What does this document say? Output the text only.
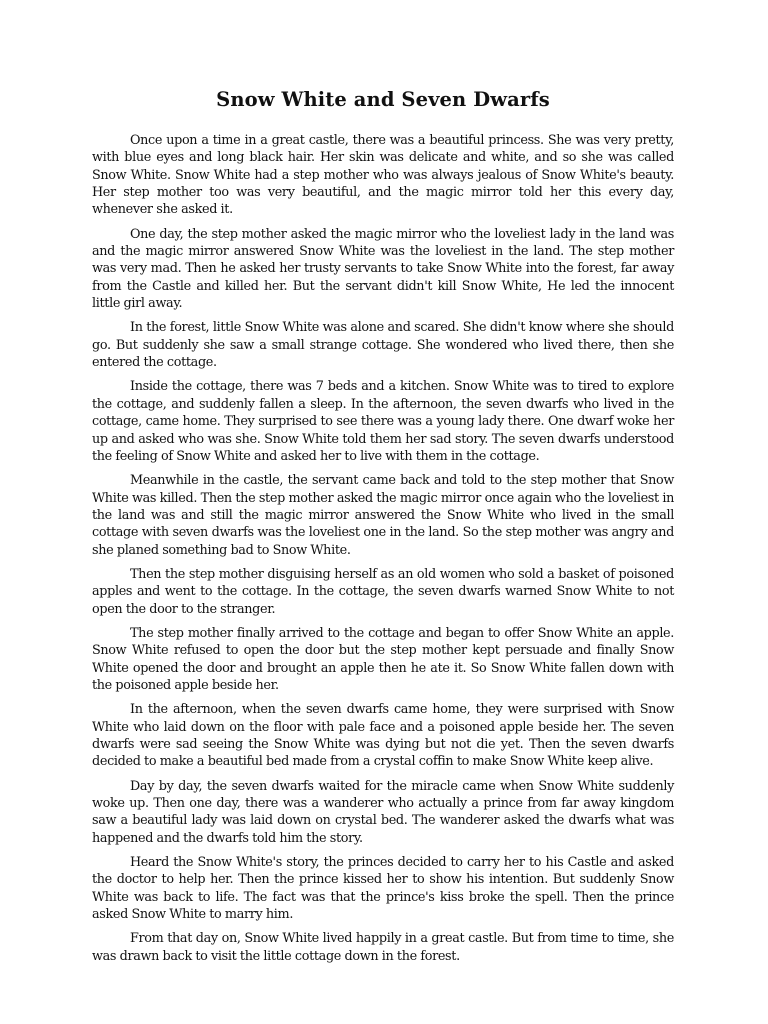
Snow White and Seven Dwarfs

Once upon a time in a great castle, there was a beautiful princess. She was very pretty, with blue eyes and long black hair. Her skin was delicate and white, and so she was called Snow White. Snow White had a step mother who was always jealous of Snow White's beauty. Her step mother too was very beautiful, and the magic mirror told her this every day, whenever she asked it.

One day, the step mother asked the magic mirror who the loveliest lady in the land was and the magic mirror answered Snow White was the loveliest in the land. The step mother was very mad. Then he asked her trusty servants to take Snow White into the forest, far away from the Castle and killed her. But the servant didn't kill Snow White, He led the innocent little girl away.

In the forest, little Snow White was alone and scared. She didn't know where she should go. But suddenly she saw a small strange cottage. She wondered who lived there, then she entered the cottage.

Inside the cottage, there was 7 beds and a kitchen. Snow White was to tired to explore the cottage, and suddenly fallen a sleep. In the afternoon, the seven dwarfs who lived in the cottage, came home. They surprised to see there was a young lady there. One dwarf woke her up and asked who was she. Snow White told them her sad story. The seven dwarfs understood the feeling of Snow White and asked her to live with them in the cottage.

Meanwhile in the castle, the servant came back and told to the step mother that Snow White was killed. Then the step mother asked the magic mirror once again who the loveliest in the land was and still the magic mirror answered the Snow White who lived in the small cottage with seven dwarfs was the loveliest one in the land. So the step mother was angry and she planed something bad to Snow White.

Then the step mother disguising herself as an old women who sold a basket of poisoned apples and went to the cottage. In the cottage, the seven dwarfs warned Snow White to not open the door to the stranger.

The step mother finally arrived to the cottage and began to offer Snow White an apple. Snow White refused to open the door but the step mother kept persuade and finally Snow White opened the door and brought an apple then he ate it. So Snow White fallen down with the poisoned apple beside her.

In the afternoon, when the seven dwarfs came home, they were surprised with Snow White who laid down on the floor with pale face and a poisoned apple beside her. The seven dwarfs were sad seeing the Snow White was dying but not die yet. Then the seven dwarfs decided to make a beautiful bed made from a crystal coffin to make Snow White keep alive.

Day by day, the seven dwarfs waited for the miracle came when Snow White suddenly woke up. Then one day, there was a wanderer who actually a prince from far away kingdom saw a beautiful lady was laid down on crystal bed. The wanderer asked the dwarfs what was happened and the dwarfs told him the story.

Heard the Snow White's story, the princes decided to carry her to his Castle and asked the doctor to help her. Then the prince kissed her to show his intention. But suddenly Snow White was back to life. The fact was that the prince's kiss broke the spell. Then the prince asked Snow White to marry him.

From that day on, Snow White lived happily in a great castle. But from time to time, she was drawn back to visit the little cottage down in the forest.
